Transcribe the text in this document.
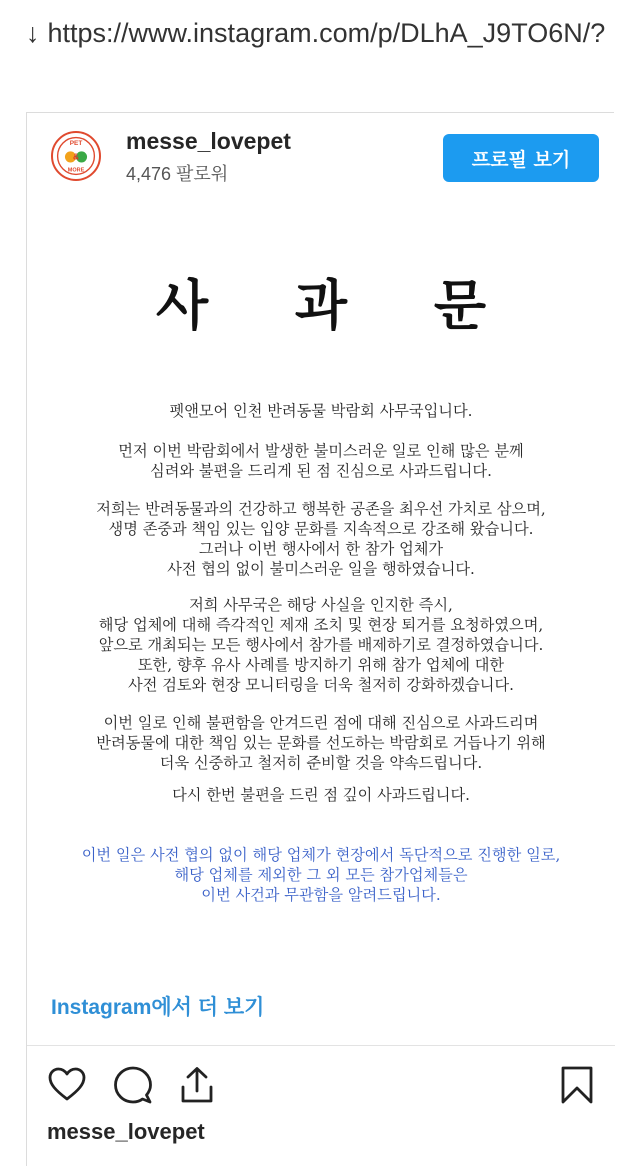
↓ https://www.instagram.com/p/DLhA_J9TO6N/?

PET
&
MORE
messe_lovepet
4,476 팔로워
프로필 보기
사 과 문
펫앤모어 인천 반려동물 박람회 사무국입니다.
먼저 이번 박람회에서 발생한 불미스러운 일로 인해 많은 분께
심려와 불편을 드리게 된 점 진심으로 사과드립니다.
저희는 반려동물과의 건강하고 행복한 공존을 최우선 가치로 삼으며,
생명 존중과 책임 있는 입양 문화를 지속적으로 강조해 왔습니다.
그러나 이번 행사에서 한 참가 업체가
사전 협의 없이 불미스러운 일을 행하였습니다.
저희 사무국은 해당 사실을 인지한 즉시,
해당 업체에 대해 즉각적인 제재 조치 및 현장 퇴거를 요청하였으며,
앞으로 개최되는 모든 행사에서 참가를 배제하기로 결정하였습니다.
또한, 향후 유사 사례를 방지하기 위해 참가 업체에 대한
사전 검토와 현장 모니터링을 더욱 철저히 강화하겠습니다.
이번 일로 인해 불편함을 안겨드린 점에 대해 진심으로 사과드리며
반려동물에 대한 책임 있는 문화를 선도하는 박람회로 거듭나기 위해
더욱 신중하고 철저히 준비할 것을 약속드립니다.
다시 한번 불편을 드린 점 깊이 사과드립니다.
이번 일은 사전 협의 없이 해당 업체가 현장에서 독단적으로 진행한 일로,
해당 업체를 제외한 그 외 모든 참가업체들은
이번 사건과 무관함을 알려드립니다.
Instagram에서 더 보기
messe_lovepet
